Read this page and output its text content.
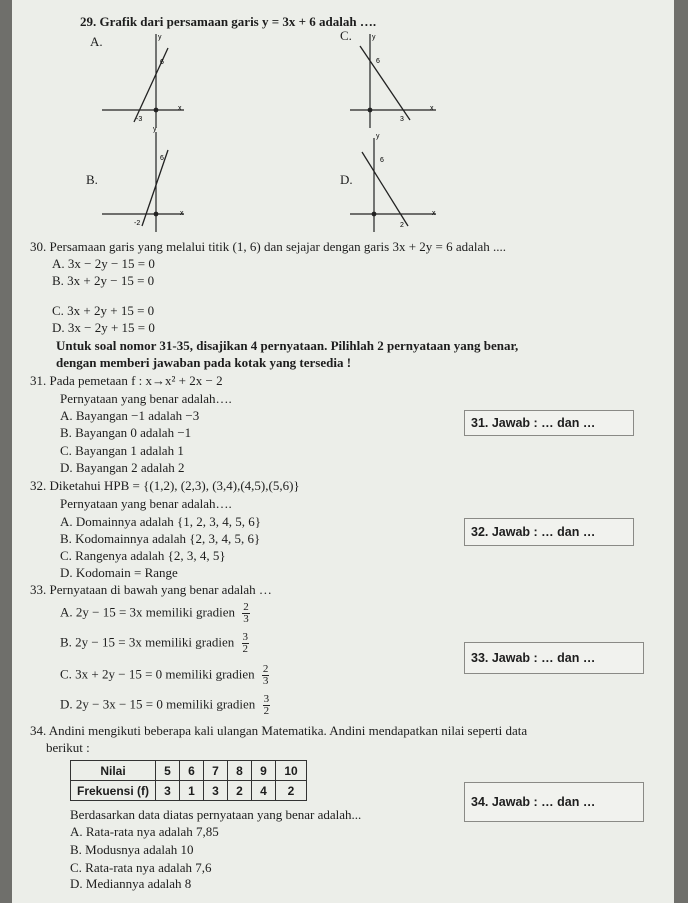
29. Grafik dari persamaan garis y = 3x + 6 adalah ….
A.	y
6
-3
x
C.	y
6
3
x
B.
y
6
-2
x
D.
y
6
2
x
30. Persamaan garis yang melalui titik (1, 6) dan sejajar dengan garis 3x + 2y = 6 adalah ....
A. 3x − 2y − 15 = 0
B. 3x + 2y − 15 = 0
C. 3x + 2y + 15 = 0
D. 3x − 2y + 15 = 0
Untuk soal nomor 31-35, disajikan 4 pernyataan. Pilihlah 2 pernyataan yang benar,
dengan memberi jawaban pada kotak yang tersedia !
31. Pada pemetaan f : x→x² + 2x − 2
Pernyataan yang benar adalah….
A. Bayangan −1 adalah −3
B. Bayangan 0 adalah −1
C. Bayangan 1 adalah 1
D. Bayangan 2 adalah 2
31. Jawab : … dan …
32. Diketahui HPB = {(1,2), (2,3), (3,4),(4,5),(5,6)}
Pernyataan yang benar adalah….
A. Domainnya adalah {1, 2, 3, 4, 5, 6}
B. Kodomainnya adalah {2, 3, 4, 5, 6}
C. Rangenya adalah {2, 3, 4, 5}
D. Kodomain = Range
32. Jawab : … dan …
33. Pernyataan di bawah yang benar adalah …
A. 2y − 15 = 3x memiliki gradien $\frac{2}{3}$
B. 2y − 15 = 3x memiliki gradien $\frac{3}{2}$
C. 3x + 2y − 15 = 0 memiliki gradien $\frac{2}{3}$
D. 2y − 3x − 15 = 0 memiliki gradien $\frac{3}{2}$
33. Jawab : … dan …
34. Andini mengikuti beberapa kali ulangan Matematika. Andini mendapatkan nilai seperti data
berikut :
Nilai	5	6	7	8	9	10
Frekuensi (f)	3	1	3	2	4	2
Berdasarkan data diatas pernyataan yang benar adalah...
A. Rata-rata nya adalah 7,85
B. Modusnya adalah 10
C. Rata-rata nya adalah 7,6
D. Mediannya adalah 8
34. Jawab : … dan …
